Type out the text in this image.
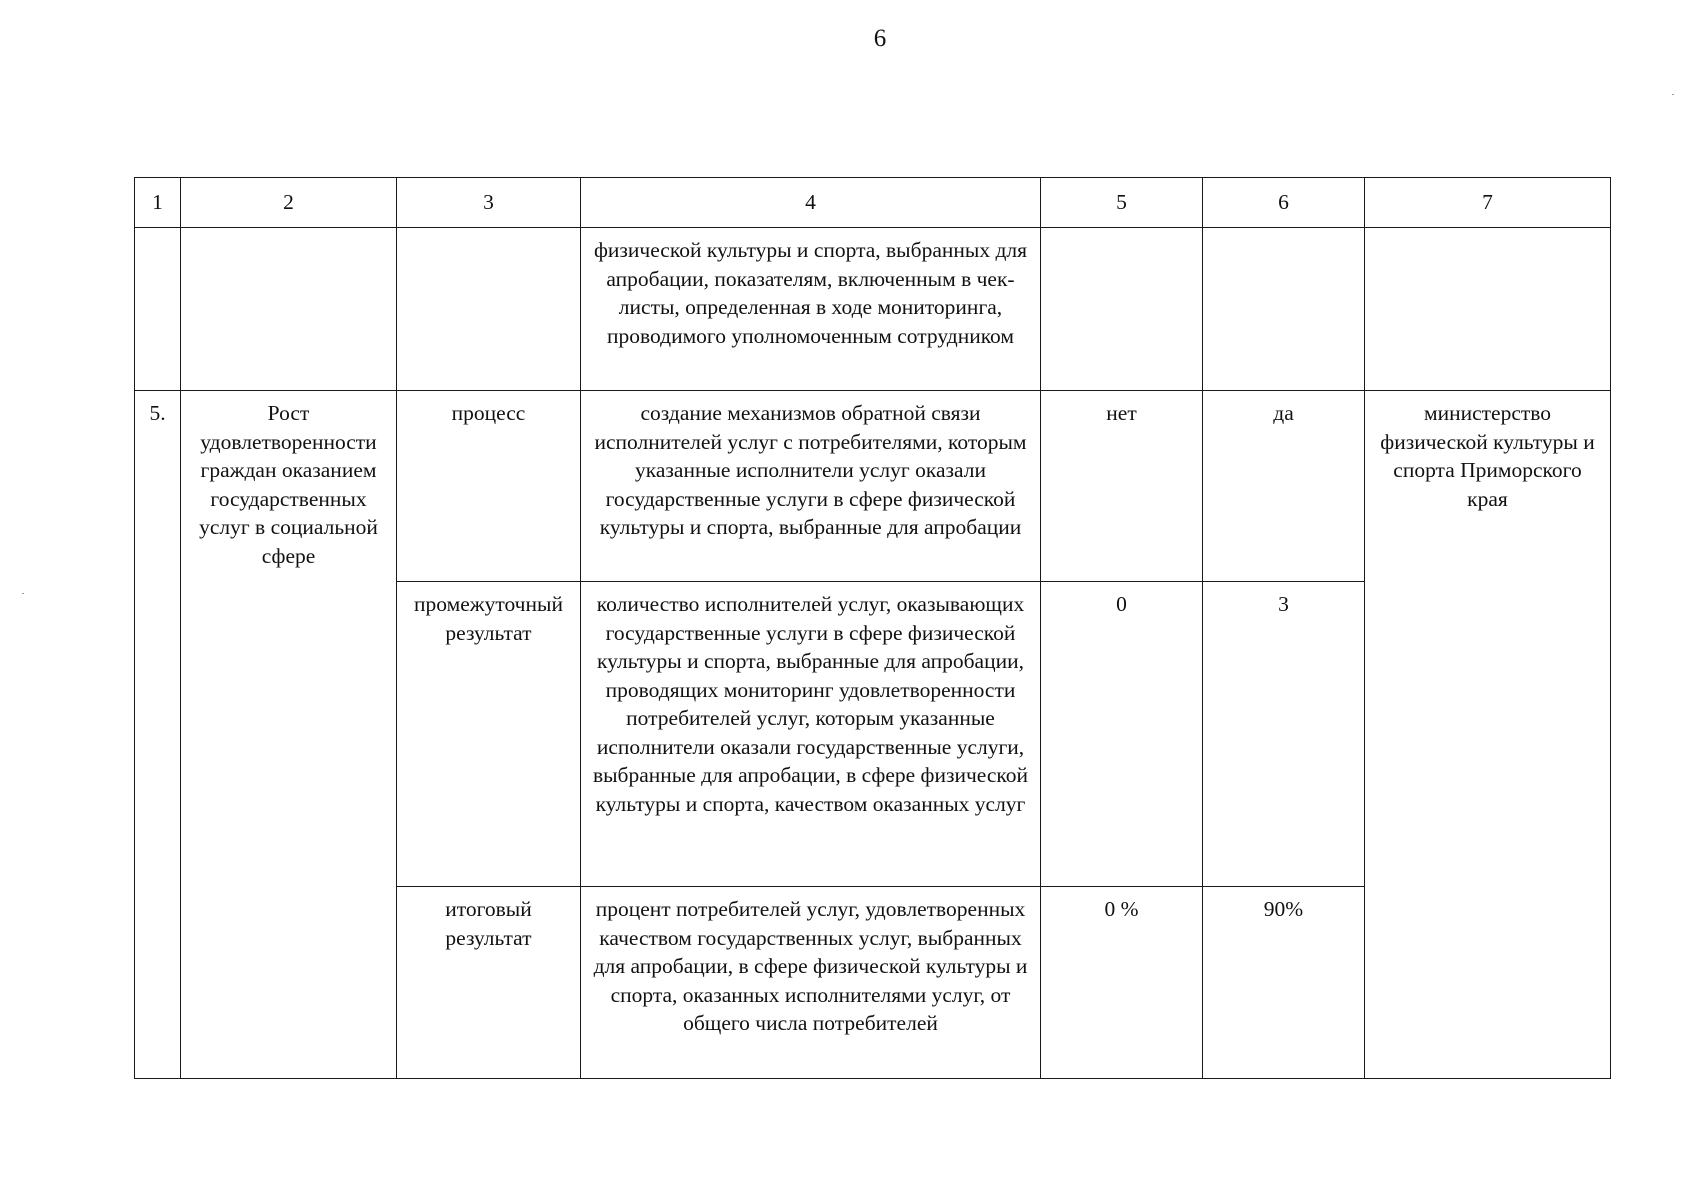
6
1	2	3	4	5	6	7

			физической культуры и спорта, выбранных для апробации, показателям, включенным в чек-листы, определенная в ходе мониторинга, проводимого уполномоченным сотрудником			

5.	Рост удовлетворенности граждан оказанием государственных услуг в социальной сфере	процесс	создание механизмов обратной связи исполнителей услуг с потребителями, которым указанные исполнители услуг оказали государственные услуги в сфере физической культуры и спорта, выбранные для апробации	нет	да	министерство физической культуры и спорта Приморского края

		промежуточный результат	количество исполнителей услуг, оказывающих государственные услуги в сфере физической культуры и спорта, выбранные для апробации, проводящих мониторинг удовлетворенности потребителей услуг, которым указанные исполнители оказали государственные услуги, выбранные для апробации, в сфере физической культуры и спорта, качеством оказанных услуг	0	3	

		итоговый результат	процент потребителей услуг, удовлетворенных качеством государственных услуг, выбранных для апробации, в сфере физической культуры и спорта, оказанных исполнителями услуг, от общего числа потребителей	0 %	90%	
